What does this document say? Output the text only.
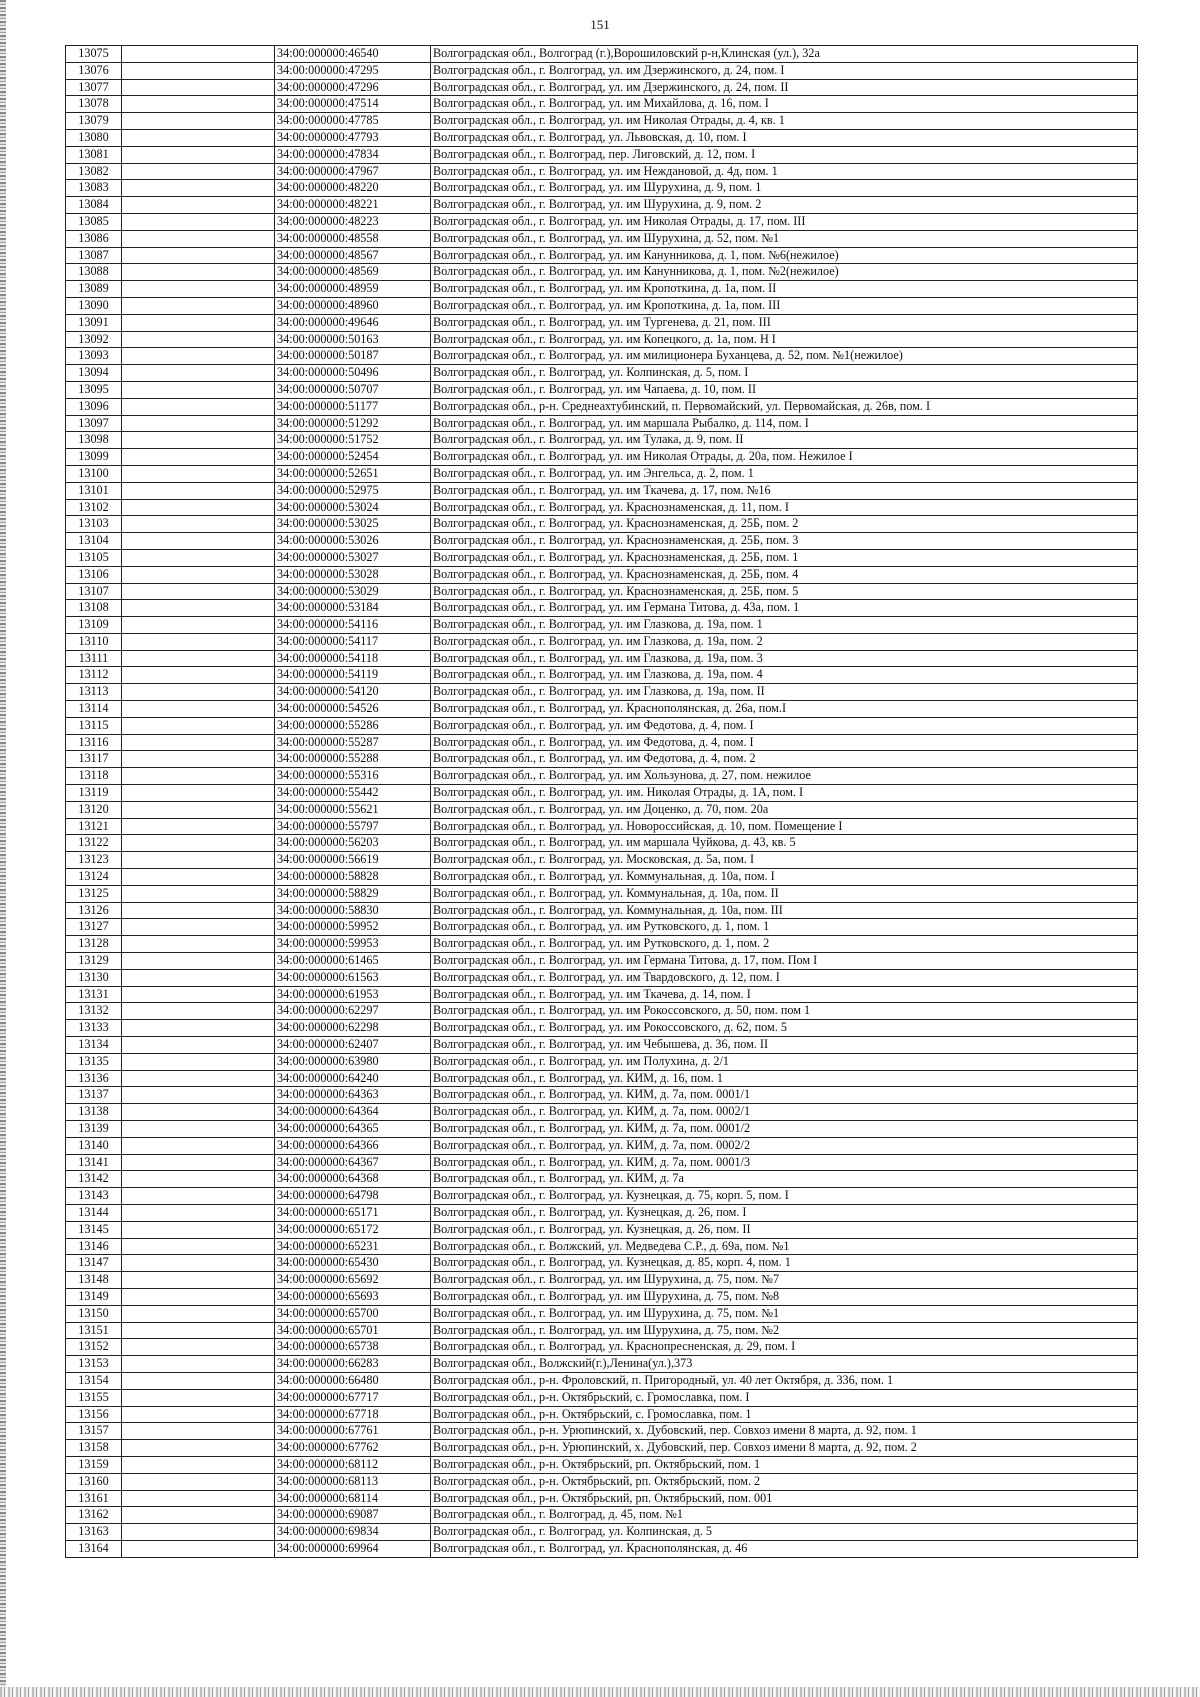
151
13075		34:00:000000:46540	Волгоградская обл., Волгоград (г.),Ворошиловский р-н,Клинская (ул.), 32а
13076		34:00:000000:47295	Волгоградская обл., г. Волгоград, ул. им Дзержинского, д. 24, пом. I
13077		34:00:000000:47296	Волгоградская обл., г. Волгоград, ул. им Дзержинского, д. 24, пом. II
13078		34:00:000000:47514	Волгоградская обл., г. Волгоград, ул. им Михайлова, д. 16, пом. I
13079		34:00:000000:47785	Волгоградская обл., г. Волгоград, ул. им Николая Отрады, д. 4, кв. 1
13080		34:00:000000:47793	Волгоградская обл., г. Волгоград, ул. Львовская, д. 10, пом. I
13081		34:00:000000:47834	Волгоградская обл., г. Волгоград, пер. Лиговский, д. 12, пом. I
13082		34:00:000000:47967	Волгоградская обл., г. Волгоград, ул. им Неждановой, д. 4д, пом. 1
13083		34:00:000000:48220	Волгоградская обл., г. Волгоград, ул. им Шурухина, д. 9, пом. 1
13084		34:00:000000:48221	Волгоградская обл., г. Волгоград, ул. им Шурухина, д. 9, пом. 2
13085		34:00:000000:48223	Волгоградская обл., г. Волгоград, ул. им Николая Отрады, д. 17, пом. III
13086		34:00:000000:48558	Волгоградская обл., г. Волгоград, ул. им Шурухина, д. 52, пом. №1
13087		34:00:000000:48567	Волгоградская обл., г. Волгоград, ул. им Канунникова, д. 1, пом. №6(нежилое)
13088		34:00:000000:48569	Волгоградская обл., г. Волгоград, ул. им Канунникова, д. 1, пом. №2(нежилое)
13089		34:00:000000:48959	Волгоградская обл., г. Волгоград, ул. им Кропоткина, д. 1а, пом. II
13090		34:00:000000:48960	Волгоградская обл., г. Волгоград, ул. им Кропоткина, д. 1а, пом. III
13091		34:00:000000:49646	Волгоградская обл., г. Волгоград, ул. им Тургенева, д. 21, пом. III
13092		34:00:000000:50163	Волгоградская обл., г. Волгоград, ул. им Копецкого, д. 1а, пом. Н I
13093		34:00:000000:50187	Волгоградская обл., г. Волгоград, ул. им милиционера Буханцева, д. 52, пом. №1(нежилое)
13094		34:00:000000:50496	Волгоградская обл., г. Волгоград, ул. Колпинская, д. 5, пом. I
13095		34:00:000000:50707	Волгоградская обл., г. Волгоград, ул. им Чапаева, д. 10, пом. II
13096		34:00:000000:51177	Волгоградская обл., р-н. Среднеахтубинский, п. Первомайский, ул. Первомайская, д. 26в, пом. I
13097		34:00:000000:51292	Волгоградская обл., г. Волгоград, ул. им маршала Рыбалко, д. 114, пом. I
13098		34:00:000000:51752	Волгоградская обл., г. Волгоград, ул. им Тулака, д. 9, пом. II
13099		34:00:000000:52454	Волгоградская обл., г. Волгоград, ул. им Николая Отрады, д. 20а, пом. Нежилое I
13100		34:00:000000:52651	Волгоградская обл., г. Волгоград, ул. им Энгельса, д. 2, пом. 1
13101		34:00:000000:52975	Волгоградская обл., г. Волгоград, ул. им Ткачева, д. 17, пом. №16
13102		34:00:000000:53024	Волгоградская обл., г. Волгоград, ул. Краснознаменская, д. 11, пом. I
13103		34:00:000000:53025	Волгоградская обл., г. Волгоград, ул. Краснознаменская, д. 25Б, пом. 2
13104		34:00:000000:53026	Волгоградская обл., г. Волгоград, ул. Краснознаменская, д. 25Б, пом. 3
13105		34:00:000000:53027	Волгоградская обл., г. Волгоград, ул. Краснознаменская, д. 25Б, пом. 1
13106		34:00:000000:53028	Волгоградская обл., г. Волгоград, ул. Краснознаменская, д. 25Б, пом. 4
13107		34:00:000000:53029	Волгоградская обл., г. Волгоград, ул. Краснознаменская, д. 25Б, пом. 5
13108		34:00:000000:53184	Волгоградская обл., г. Волгоград, ул. им Германа Титова, д. 43а, пом. 1
13109		34:00:000000:54116	Волгоградская обл., г. Волгоград, ул. им Глазкова, д. 19а, пом. 1
13110		34:00:000000:54117	Волгоградская обл., г. Волгоград, ул. им Глазкова, д. 19а, пом. 2
13111		34:00:000000:54118	Волгоградская обл., г. Волгоград, ул. им Глазкова, д. 19а, пом. 3
13112		34:00:000000:54119	Волгоградская обл., г. Волгоград, ул. им Глазкова, д. 19а, пом. 4
13113		34:00:000000:54120	Волгоградская обл., г. Волгоград, ул. им Глазкова, д. 19а, пом. II
13114		34:00:000000:54526	Волгоградская обл., г. Волгоград, ул. Краснополянская, д. 26а, пом.I
13115		34:00:000000:55286	Волгоградская обл., г. Волгоград, ул. им Федотова, д. 4, пом. I
13116		34:00:000000:55287	Волгоградская обл., г. Волгоград, ул. им Федотова, д. 4, пом. I
13117		34:00:000000:55288	Волгоградская обл., г. Волгоград, ул. им Федотова, д. 4, пом. 2
13118		34:00:000000:55316	Волгоградская обл., г. Волгоград, ул. им Хользунова, д. 27, пом. нежилое
13119		34:00:000000:55442	Волгоградская обл., г. Волгоград, ул. им. Николая Отрады, д. 1А, пом. I
13120		34:00:000000:55621	Волгоградская обл., г. Волгоград, ул. им Доценко, д. 70, пом. 20а
13121		34:00:000000:55797	Волгоградская обл., г. Волгоград, ул. Новороссийская, д. 10, пом. Помещение I
13122		34:00:000000:56203	Волгоградская обл., г. Волгоград, ул. им маршала Чуйкова, д. 43, кв. 5
13123		34:00:000000:56619	Волгоградская обл., г. Волгоград, ул. Московская, д. 5а, пом. I
13124		34:00:000000:58828	Волгоградская обл., г. Волгоград, ул. Коммунальная, д. 10а, пом. I
13125		34:00:000000:58829	Волгоградская обл., г. Волгоград, ул. Коммунальная, д. 10а, пом. II
13126		34:00:000000:58830	Волгоградская обл., г. Волгоград, ул. Коммунальная, д. 10а, пом. III
13127		34:00:000000:59952	Волгоградская обл., г. Волгоград, ул. им Рутковского, д. 1, пом. 1
13128		34:00:000000:59953	Волгоградская обл., г. Волгоград, ул. им Рутковского, д. 1, пом. 2
13129		34:00:000000:61465	Волгоградская обл., г. Волгоград, ул. им Германа Титова, д. 17, пом. Пом I
13130		34:00:000000:61563	Волгоградская обл., г. Волгоград, ул. им Твардовского, д. 12, пом. I
13131		34:00:000000:61953	Волгоградская обл., г. Волгоград, ул. им Ткачева, д. 14, пом. I
13132		34:00:000000:62297	Волгоградская обл., г. Волгоград, ул. им Рокоссовского, д. 50, пом. пом 1
13133		34:00:000000:62298	Волгоградская обл., г. Волгоград, ул. им Рокоссовского, д. 62, пом. 5
13134		34:00:000000:62407	Волгоградская обл., г. Волгоград, ул. им Чебышева, д. 36, пом. II
13135		34:00:000000:63980	Волгоградская обл., г. Волгоград, ул. им Полухина, д. 2/1
13136		34:00:000000:64240	Волгоградская обл., г. Волгоград, ул. КИМ, д. 16, пом. 1
13137		34:00:000000:64363	Волгоградская обл., г. Волгоград, ул. КИМ, д. 7а, пом. 0001/1
13138		34:00:000000:64364	Волгоградская обл., г. Волгоград, ул. КИМ, д. 7а, пом. 0002/1
13139		34:00:000000:64365	Волгоградская обл., г. Волгоград, ул. КИМ, д. 7а, пом. 0001/2
13140		34:00:000000:64366	Волгоградская обл., г. Волгоград, ул. КИМ, д. 7а, пом. 0002/2
13141		34:00:000000:64367	Волгоградская обл., г. Волгоград, ул. КИМ, д. 7а, пом. 0001/3
13142		34:00:000000:64368	Волгоградская обл., г. Волгоград, ул. КИМ, д. 7а
13143		34:00:000000:64798	Волгоградская обл., г. Волгоград, ул. Кузнецкая, д. 75, корп. 5, пом. I
13144		34:00:000000:65171	Волгоградская обл., г. Волгоград, ул. Кузнецкая, д. 26, пом. I
13145		34:00:000000:65172	Волгоградская обл., г. Волгоград, ул. Кузнецкая, д. 26, пом. II
13146		34:00:000000:65231	Волгоградская обл., г. Волжский, ул. Медведева С.Р., д. 69а, пом. №1
13147		34:00:000000:65430	Волгоградская обл., г. Волгоград, ул. Кузнецкая, д. 85, корп. 4, пом. 1
13148		34:00:000000:65692	Волгоградская обл., г. Волгоград, ул. им Шурухина, д. 75, пом. №7
13149		34:00:000000:65693	Волгоградская обл., г. Волгоград, ул. им Шурухина, д. 75, пом. №8
13150		34:00:000000:65700	Волгоградская обл., г. Волгоград, ул. им Шурухина, д. 75, пом. №1
13151		34:00:000000:65701	Волгоградская обл., г. Волгоград, ул. им Шурухина, д. 75, пом. №2
13152		34:00:000000:65738	Волгоградская обл., г. Волгоград, ул. Краснопресненская, д. 29, пом. I
13153		34:00:000000:66283	Волгоградская обл., Волжский(г.),Ленина(ул.),373
13154		34:00:000000:66480	Волгоградская обл., р-н. Фроловский, п. Пригородный, ул. 40 лет Октября, д. 336, пом. 1
13155		34:00:000000:67717	Волгоградская обл., р-н. Октябрьский, с. Громославка, пом. I
13156		34:00:000000:67718	Волгоградская обл., р-н. Октябрьский, с. Громославка, пом. 1
13157		34:00:000000:67761	Волгоградская обл., р-н. Урюпинский, х. Дубовский, пер. Совхоз имени 8 марта, д. 92, пом. 1
13158		34:00:000000:67762	Волгоградская обл., р-н. Урюпинский, х. Дубовский, пер. Совхоз имени 8 марта, д. 92, пом. 2
13159		34:00:000000:68112	Волгоградская обл., р-н. Октябрьский, рп. Октябрьский, пом. 1
13160		34:00:000000:68113	Волгоградская обл., р-н. Октябрьский, рп. Октябрьский, пом. 2
13161		34:00:000000:68114	Волгоградская обл., р-н. Октябрьский, рп. Октябрьский, пом. 001
13162		34:00:000000:69087	Волгоградская обл., г. Волгоград, д. 45, пом. №1
13163		34:00:000000:69834	Волгоградская обл., г. Волгоград, ул. Колпинская, д. 5
13164		34:00:000000:69964	Волгоградская обл., г. Волгоград, ул. Краснополянская, д. 46
